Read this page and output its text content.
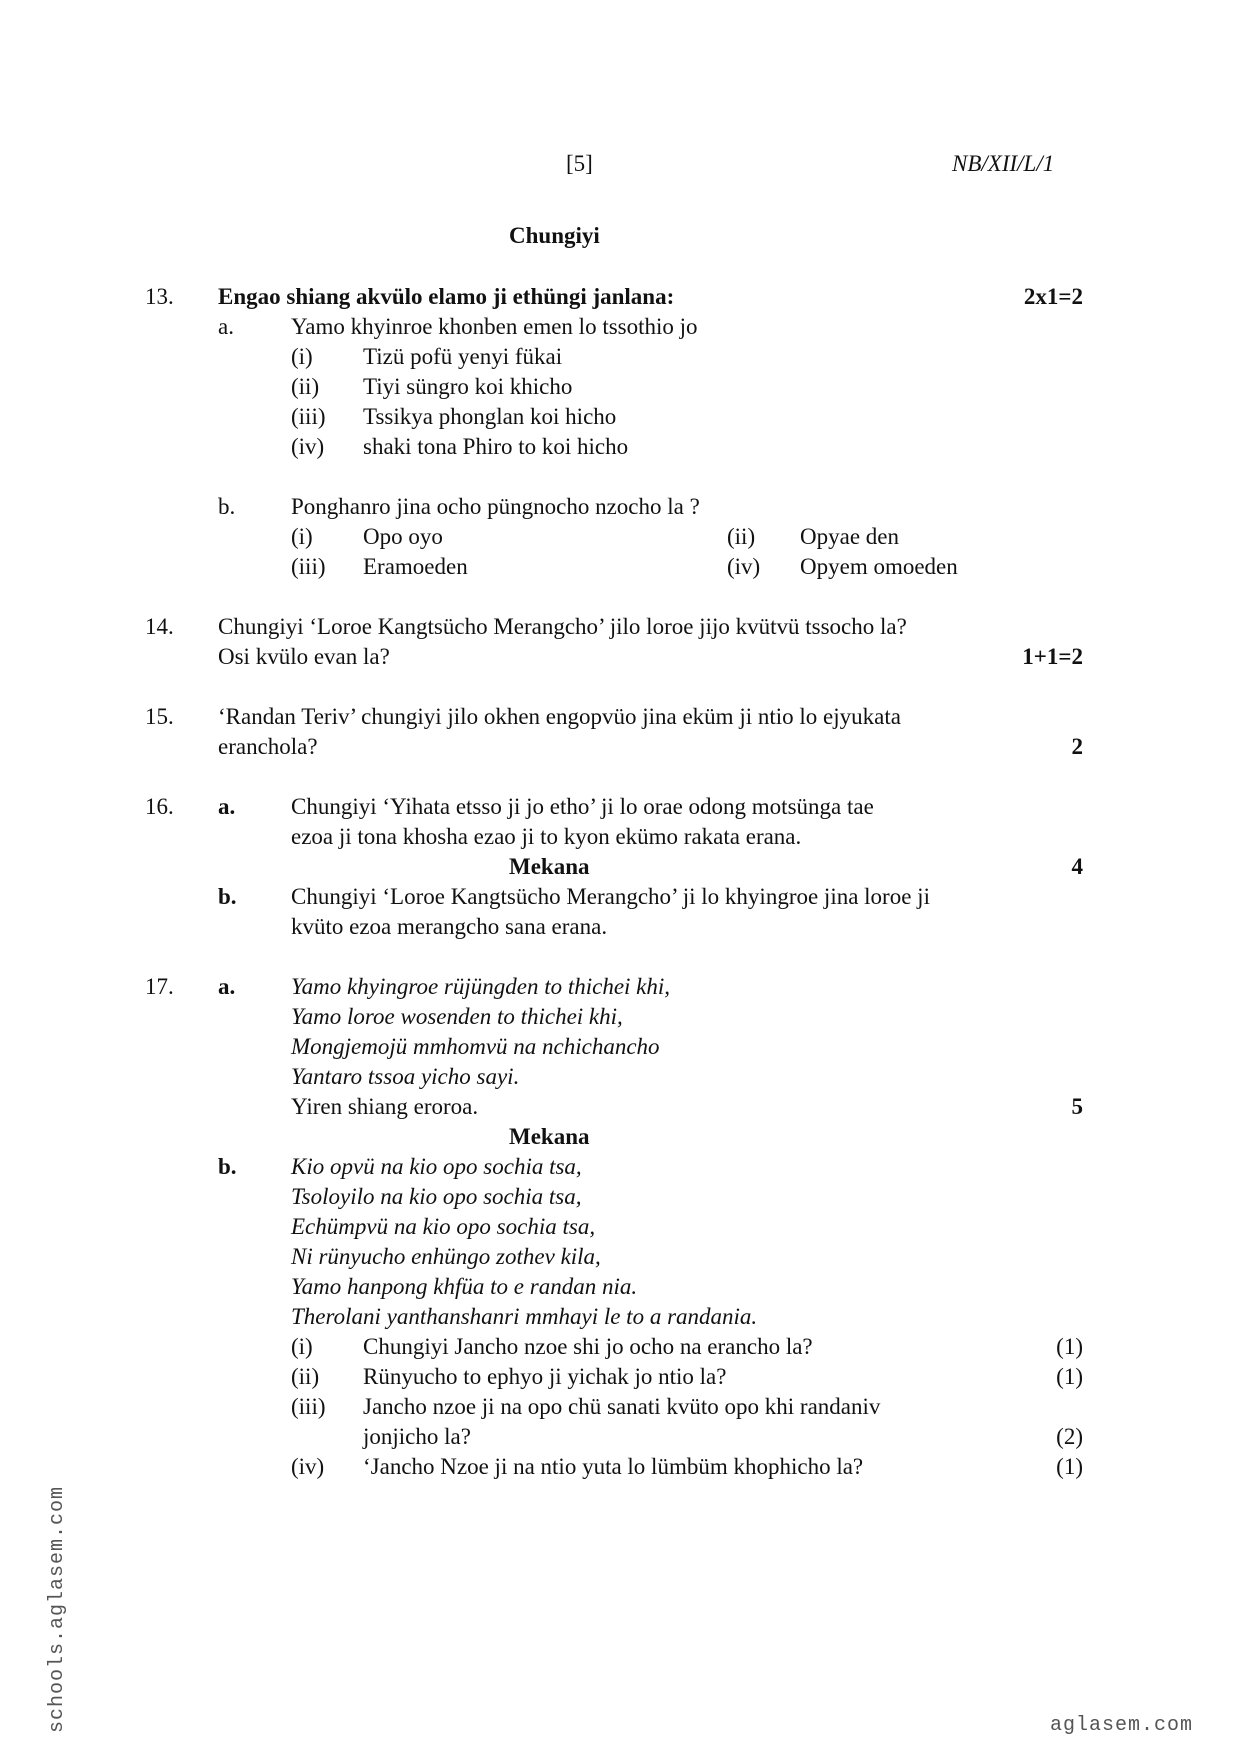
[5]	NB/XII/L/1
Chungiyi
13. Engao shiang akvülo elamo ji ethüngi janlana:	2x1=2
a. Yamo khyinroe khonben emen lo tssothio jo
(i) Tizü pofü yenyi fükai
(ii) Tiyi süngro koi khicho
(iii) Tssikya phonglan koi hicho
(iv) shaki tona Phiro to koi hicho
b. Ponghanro jina ocho püngnocho nzocho la ?
(i) Opo oyo	(ii) Opyae den
(iii) Eramoeden	(iv) Opyem omoeden
14. Chungiyi ‘Loroe Kangtsücho Merangcho’ jilo loroe jijo kvütvü tssocho la?
Osi kvülo evan la?	1+1=2
15. ‘Randan Teriv’ chungiyi jilo okhen engopvüo jina eküm ji ntio lo ejyukata
eranchola?	2
16. a. Chungiyi ‘Yihata etsso ji jo etho’ ji lo orae odong motsünga tae
ezoa ji tona khosha ezao ji to kyon ekümo rakata erana.
Mekana	4
b. Chungiyi ‘Loroe Kangtsücho Merangcho’ ji lo khyingroe jina loroe ji
kvüto ezoa merangcho sana erana.
17. a. Yamo khyingroe rüjüngden to thichei khi,
Yamo loroe wosenden to thichei khi,
Mongjemojü mmhomvü na nchichancho
Yantaro tssoa yicho sayi.
Yiren shiang eroroa.	5
Mekana
b. Kio opvü na kio opo sochia tsa,
Tsoloyilo na kio opo sochia tsa,
Echümpvü na kio opo sochia tsa,
Ni rünyucho enhüngo zothev kila,
Yamo hanpong khfüa to e randan nia.
Therolani yanthanshanri mmhayi le to a randania.
(i) Chungiyi Jancho nzoe shi jo ocho na erancho la?	(1)
(ii) Rünyucho to ephyo ji yichak jo ntio la?	(1)
(iii) Jancho nzoe ji na opo chü sanati kvüto opo khi randaniv
jonjicho la?	(2)
(iv) ‘Jancho Nzoe ji na ntio yuta lo lümbüm khophicho la?	(1)
schools.aglasem.com	aglasem.com
